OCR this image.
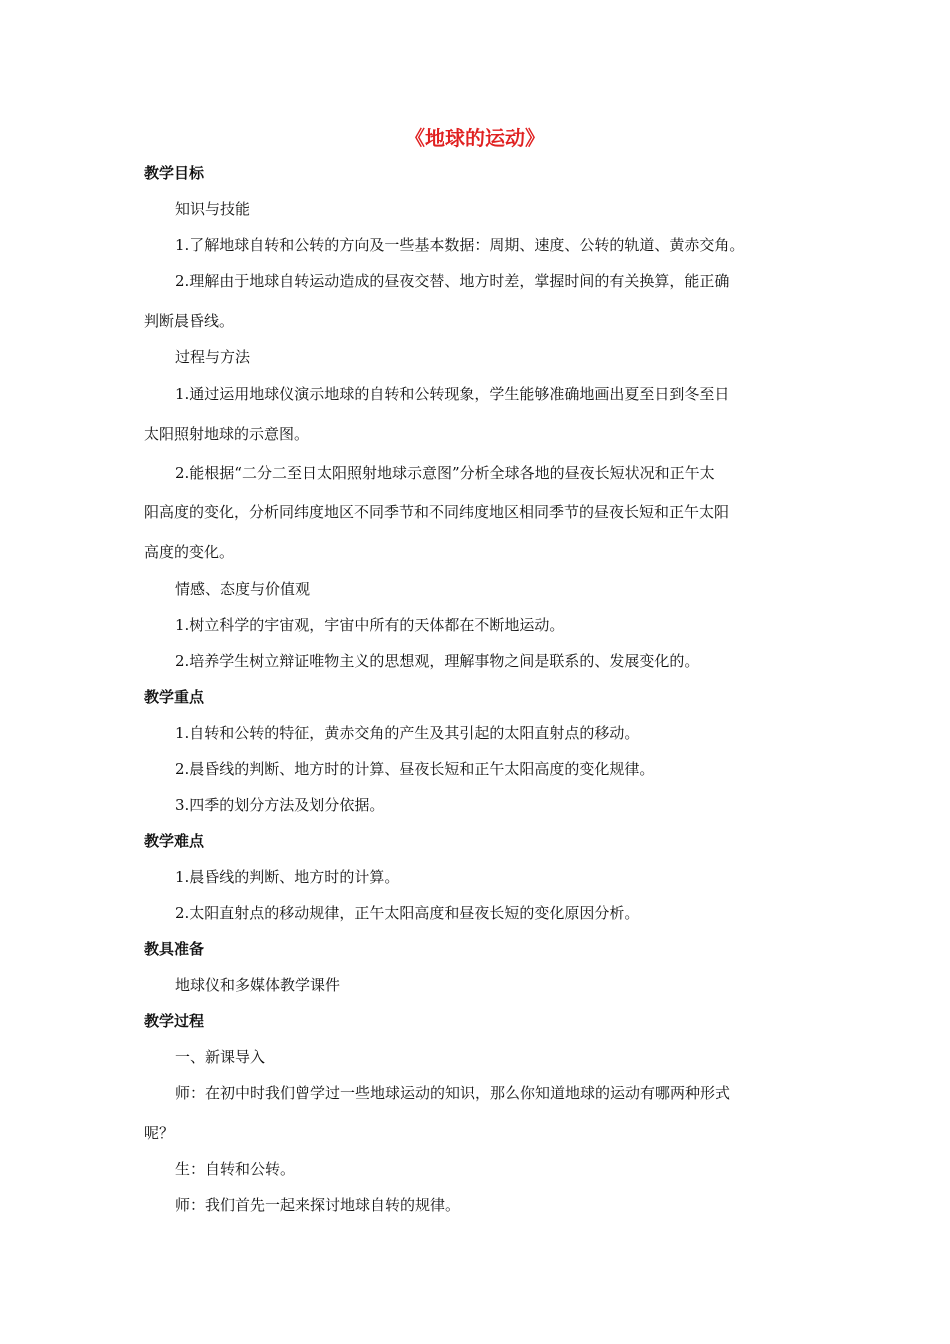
《地球的运动》
教学目标
知识与技能
1.了解地球自转和公转的方向及一些基本数据：周期、速度、公转的轨道、黄赤交角。
2.理解由于地球自转运动造成的昼夜交替、地方时差，掌握时间的有关换算，能正确
判断晨昏线。
过程与方法
1.通过运用地球仪演示地球的自转和公转现象，学生能够准确地画出夏至日到冬至日
太阳照射地球的示意图。
2.能根据“二分二至日太阳照射地球示意图”分析全球各地的昼夜长短状况和正午太
阳高度的变化，分析同纬度地区不同季节和不同纬度地区相同季节的昼夜长短和正午太阳
高度的变化。
情感、态度与价值观
1.树立科学的宇宙观，宇宙中所有的天体都在不断地运动。
2.培养学生树立辩证唯物主义的思想观，理解事物之间是联系的、发展变化的。
教学重点
1.自转和公转的特征，黄赤交角的产生及其引起的太阳直射点的移动。
2.晨昏线的判断、地方时的计算、昼夜长短和正午太阳高度的变化规律。
3.四季的划分方法及划分依据。
教学难点
1.晨昏线的判断、地方时的计算。
2.太阳直射点的移动规律，正午太阳高度和昼夜长短的变化原因分析。
教具准备
地球仪和多媒体教学课件
教学过程
一、新课导入
师：在初中时我们曾学过一些地球运动的知识，那么你知道地球的运动有哪两种形式
呢？
生：自转和公转。
师：我们首先一起来探讨地球自转的规律。
